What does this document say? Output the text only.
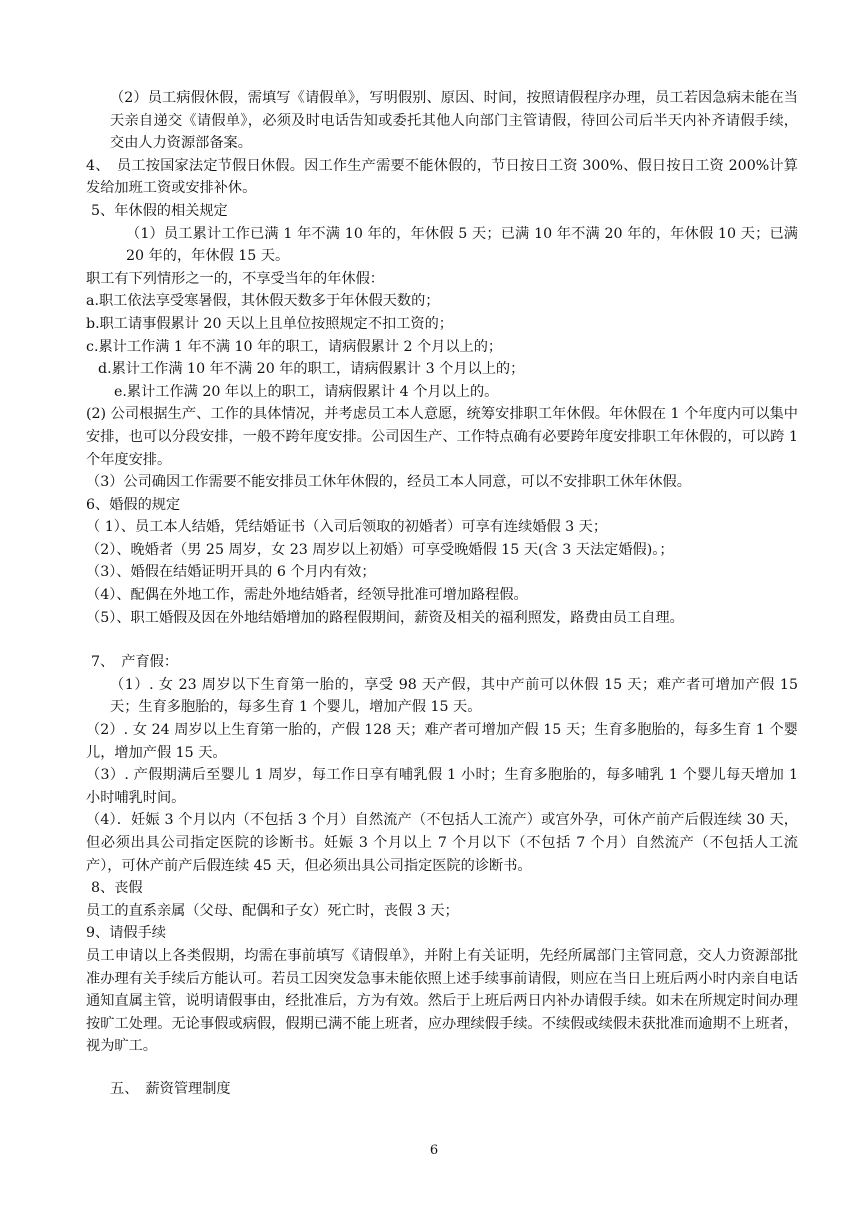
（2）员工病假休假，需填写《请假单》，写明假别、原因、时间，按照请假程序办理，员工若因急病未能在当天亲自递交《请假单》，必须及时电话告知或委托其他人向部门主管请假，待回公司后半天内补齐请假手续，交由人力资源部备案。

4、　员工按国家法定节假日休假。因工作生产需要不能休假的，节日按日工资 300%、假日按日工资 200%计算发给加班工资或安排补休。

5、年休假的相关规定

（1）员工累计工作已满 1 年不满 10 年的，年休假 5 天；已满 10 年不满 20 年的，年休假 10 天；已满 20 年的，年休假 15 天。

职工有下列情形之一的，不享受当年的年休假：

a.职工依法享受寒暑假，其休假天数多于年休假天数的；

b.职工请事假累计 20 天以上且单位按照规定不扣工资的；

c.累计工作满 1 年不满 10 年的职工，请病假累计 2 个月以上的；

d.累计工作满 10 年不满 20 年的职工，请病假累计 3 个月以上的；

e.累计工作满 20 年以上的职工，请病假累计 4 个月以上的。

(2) 公司根据生产、工作的具体情况，并考虑员工本人意愿，统筹安排职工年休假。年休假在 1 个年度内可以集中安排，也可以分段安排，一般不跨年度安排。公司因生产、工作特点确有必要跨年度安排职工年休假的，可以跨 1 个年度安排。

（3）公司确因工作需要不能安排员工休年休假的，经员工本人同意，可以不安排职工休年休假。

6、婚假的规定

（ 1）、员工本人结婚，凭结婚证书（入司后领取的初婚者）可享有连续婚假 3 天；

（2）、晚婚者（男 25 周岁，女 23 周岁以上初婚）可享受晚婚假 15 天(含 3 天法定婚假)。；

（3）、婚假在结婚证明开具的 6 个月内有效；

（4）、配偶在外地工作，需赴外地结婚者，经领导批准可增加路程假。

（5）、职工婚假及因在外地结婚增加的路程假期间，薪资及相关的福利照发，路费由员工自理。

7、　产育假：

（1）. 女 23 周岁以下生育第一胎的，享受 98 天产假，其中产前可以休假 15 天；难产者可增加产假 15 天；生育多胞胎的，每多生育 1 个婴儿，增加产假 15 天。

（2）. 女 24 周岁以上生育第一胎的，产假 128 天；难产者可增加产假 15 天；生育多胞胎的，每多生育 1 个婴儿，增加产假 15 天。

（3）. 产假期满后至婴儿 1 周岁，每工作日享有哺乳假 1 小时；生育多胞胎的，每多哺乳 1 个婴儿每天增加 1 小时哺乳时间。

（4）．妊娠 3 个月以内（不包括 3 个月）自然流产（不包括人工流产）或宫外孕，可休产前产后假连续 30 天，但必须出具公司指定医院的诊断书。妊娠 3 个月以上 7 个月以下（不包括 7 个月）自然流产（不包括人工流产），可休产前产后假连续 45 天，但必须出具公司指定医院的诊断书。

8、丧假

员工的直系亲属（父母、配偶和子女）死亡时，丧假 3 天；

9、请假手续

员工申请以上各类假期，均需在事前填写《请假单》，并附上有关证明，先经所属部门主管同意，交人力资源部批准办理有关手续后方能认可。若员工因突发急事未能依照上述手续事前请假，则应在当日上班后两小时内亲自电话通知直属主管，说明请假事由，经批准后，方为有效。然后于上班后两日内补办请假手续。如未在所规定时间办理按旷工处理。无论事假或病假，假期已满不能上班者，应办理续假手续。不续假或续假未获批准而逾期不上班者，视为旷工。

五、　薪资管理制度

6
